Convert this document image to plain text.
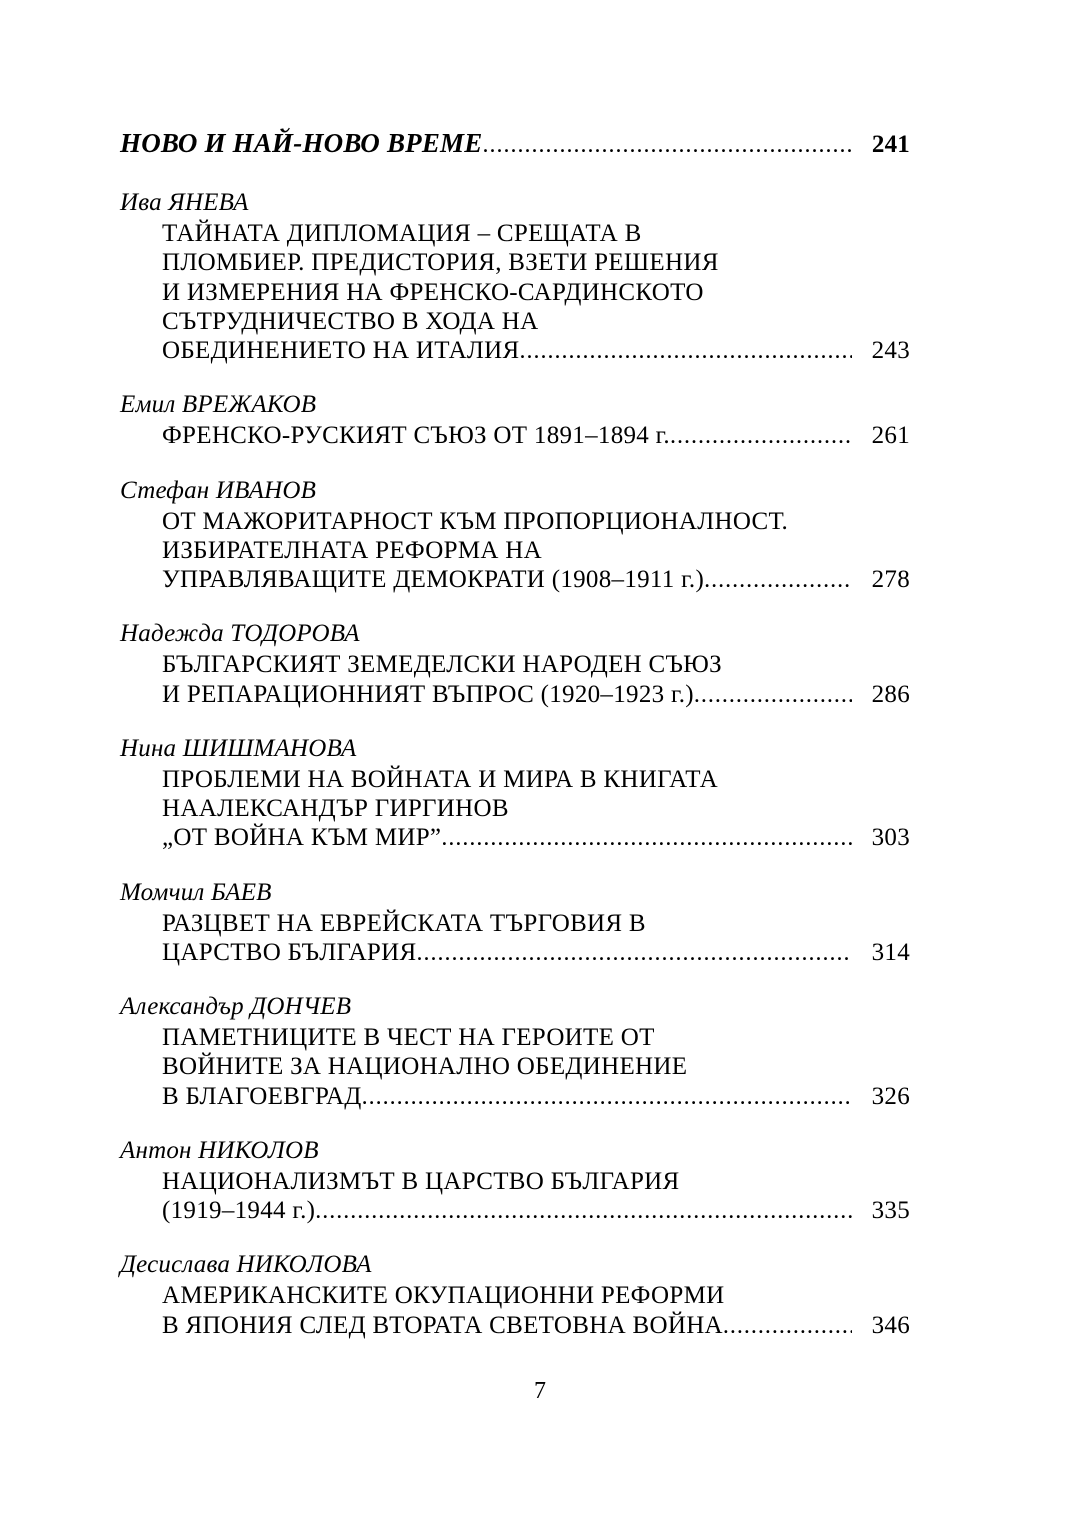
НОВО И НАЙ-НОВО ВРЕМЕ .....	241
Ива ЯНЕВА
ТАЙНАТА ДИПЛОМАЦИЯ – СРЕЩАТА В
ПЛОМБИЕР. ПРЕДИСТОРИЯ, ВЗЕТИ РЕШЕНИЯ
И ИЗМЕРЕНИЯ НА ФРЕНСКО-САРДИНСКОТО
СЪТРУДНИЧЕСТВО В ХОДА НА
ОБЕДИНЕНИЕТО НА ИТАЛИЯ .....	243
Емил ВРЕЖАКОВ
ФРЕНСКО-РУСКИЯТ СЪЮЗ ОТ 1891–1894 г. .....	261
Стефан ИВАНОВ
ОТ МАЖОРИТАРНОСТ КЪМ ПРОПОРЦИОНАЛНОСТ.
ИЗБИРАТЕЛНАТА РЕФОРМА НА
УПРАВЛЯВАЩИТЕ ДЕМОКРАТИ (1908–1911 г.) .....	278
Надежда ТОДОРОВА
БЪЛГАРСКИЯТ ЗЕМЕДЕЛСКИ НАРОДЕН СЪЮЗ
И РЕПАРАЦИОННИЯТ ВЪПРОС (1920–1923 г.) .....	286
Нина ШИШМАНОВА
ПРОБЛЕМИ НА ВОЙНАТА И МИРА В КНИГАТА
НААЛЕКСАНДЪР ГИРГИНОВ
„ОТ ВОЙНА КЪМ МИР” .....	303
Момчил БАЕВ
РАЗЦВЕТ НА ЕВРЕЙСКАТА ТЪРГОВИЯ В
ЦАРСТВО БЪЛГАРИЯ .....	314
Александър ДОНЧЕВ
ПАМЕТНИЦИТЕ В ЧЕСТ НА ГЕРОИТЕ ОТ
ВОЙНИТЕ ЗА НАЦИОНАЛНО ОБЕДИНЕНИЕ
В БЛАГОЕВГРАД .....	326
Антон НИКОЛОВ
НАЦИОНАЛИЗМЪТ В ЦАРСТВО БЪЛГАРИЯ
(1919–1944 г.) .....	335
Десислава НИКОЛОВА
АМЕРИКАНСКИТЕ ОКУПАЦИОННИ РЕФОРМИ
В ЯПОНИЯ СЛЕД ВТОРАТА СВЕТОВНА ВОЙНА .....	346
7
